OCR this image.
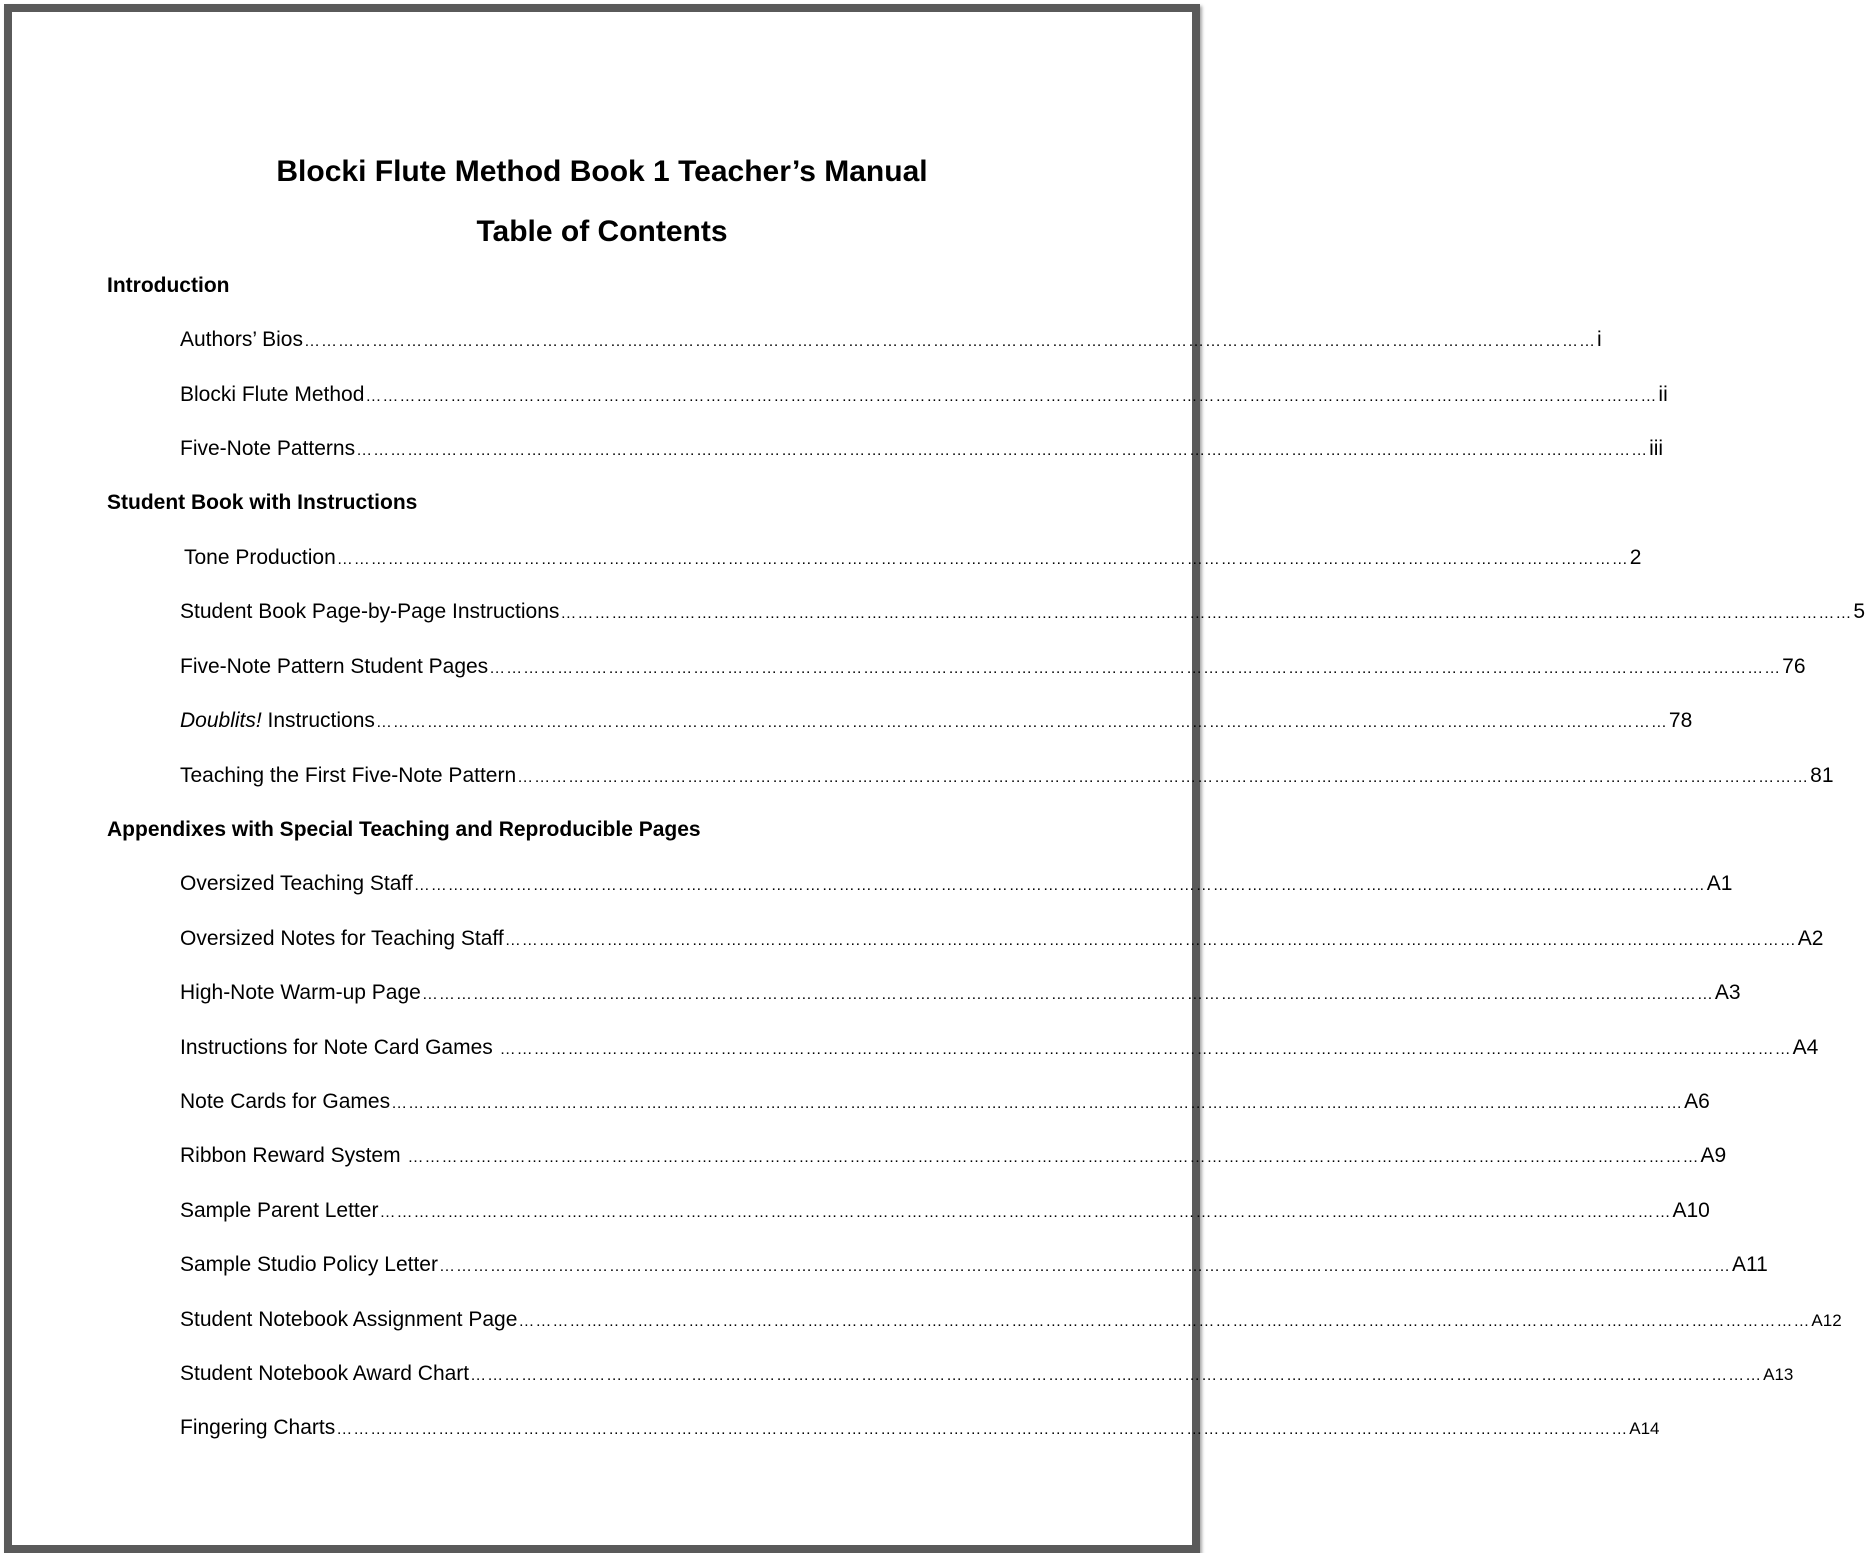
Blocki Flute Method Book 1 Teacher’s Manual
Table of Contents
Introduction
Authors’ Bios ………………………………………………………………………………………………………………………………………………………………………………………………………… i
Blocki Flute Method ………………………………………………………………………………………………………………………………………………………………………………………………………… ii
Five-Note Patterns ………………………………………………………………………………………………………………………………………………………………………………………………………… iii
Student Book with Instructions
Tone Production ………………………………………………………………………………………………………………………………………………………………………………………………………… 2
Student Book Page-by-Page Instructions ………………………………………………………………………………………………………………………………………………………………………………………………………… 5
Five-Note Pattern Student Pages ………………………………………………………………………………………………………………………………………………………………………………………………………… 76
Doublits! Instructions ………………………………………………………………………………………………………………………………………………………………………………………………………… 78
Teaching the First Five-Note Pattern ………………………………………………………………………………………………………………………………………………………………………………………………………… 81
Appendixes with Special Teaching and Reproducible Pages
Oversized Teaching Staff ………………………………………………………………………………………………………………………………………………………………………………………………………… A1
Oversized Notes for Teaching Staff ………………………………………………………………………………………………………………………………………………………………………………………………………… A2
High-Note Warm-up Page ………………………………………………………………………………………………………………………………………………………………………………………………………… A3
Instructions for Note Card Games ………………………………………………………………………………………………………………………………………………………………………………………………………… A4
Note Cards for Games ………………………………………………………………………………………………………………………………………………………………………………………………………… A6
Ribbon Reward System ………………………………………………………………………………………………………………………………………………………………………………………………………… A9
Sample Parent Letter ………………………………………………………………………………………………………………………………………………………………………………………………………… A10
Sample Studio Policy Letter ………………………………………………………………………………………………………………………………………………………………………………………………………… A11
Student Notebook Assignment Page ………………………………………………………………………………………………………………………………………………………………………………………………………… A12
Student Notebook Award Chart ………………………………………………………………………………………………………………………………………………………………………………………………………… A13
Fingering Charts ………………………………………………………………………………………………………………………………………………………………………………………………………… A14
